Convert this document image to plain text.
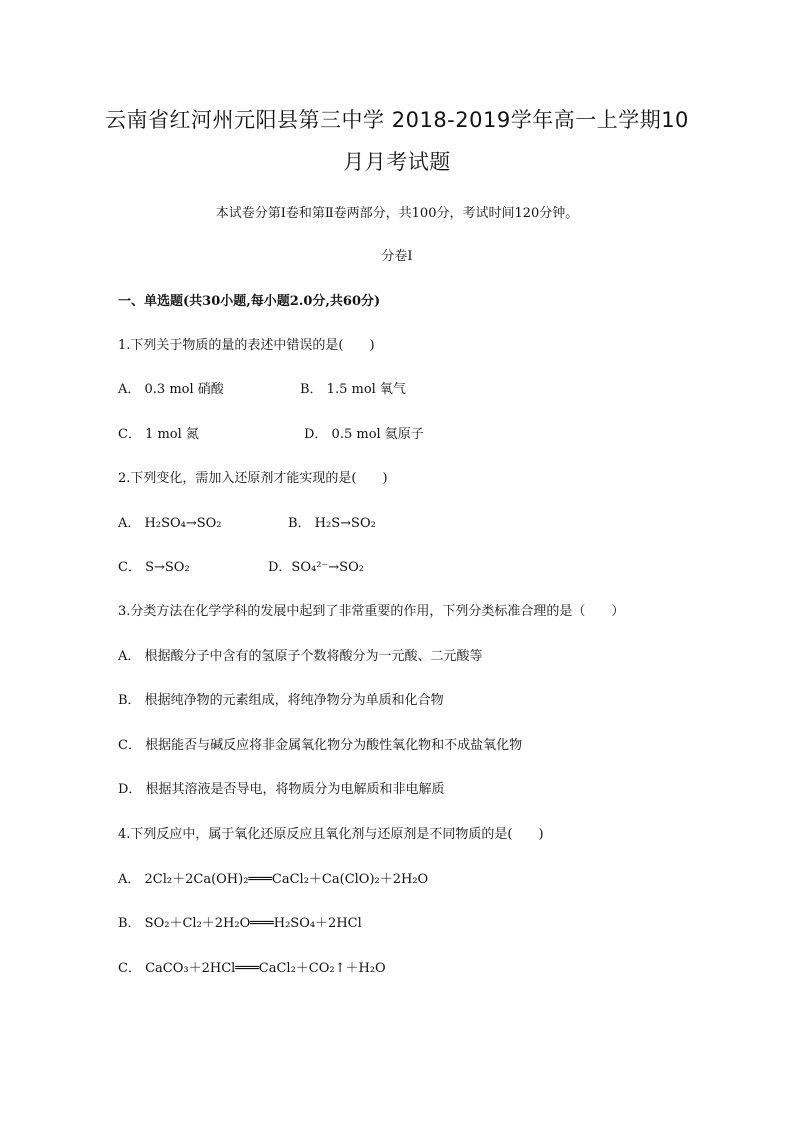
云南省红河州元阳县第三中学 2018-2019学年高一上学期10
月月考试题
本试卷分第Ⅰ卷和第Ⅱ卷两部分，共100分，考试时间120分钟。
分卷I
一、单选题(共30小题,每小题2.0分,共60分)
1.下列关于物质的量的表述中错误的是(　　)
A． 0.3 mol 硝酸	B． 1.5 mol 氧气
C． 1 mol 氮	D． 0.5 mol 氦原子
2.下列变化，需加入还原剂才能实现的是(　　)
A． H₂SO₄→SO₂	B． H₂S→SO₂
C． S→SO₂	D．SO₄²⁻→SO₂
3.分类方法在化学学科的发展中起到了非常重要的作用，下列分类标准合理的是（　　）
A． 根据酸分子中含有的氢原子个数将酸分为一元酸、二元酸等
B． 根据纯净物的元素组成，将纯净物分为单质和化合物
C． 根据能否与碱反应将非金属氧化物分为酸性氧化物和不成盐氧化物
D． 根据其溶液是否导电，将物质分为电解质和非电解质
4.下列反应中，属于氧化还原反应且氧化剂与还原剂是不同物质的是(　　)
A． 2Cl₂＋2Ca(OH)₂═══CaCl₂＋Ca(ClO)₂＋2H₂O
B． SO₂＋Cl₂＋2H₂O═══H₂SO₄＋2HCl
C． CaCO₃＋2HCl═══CaCl₂＋CO₂↑＋H₂O
